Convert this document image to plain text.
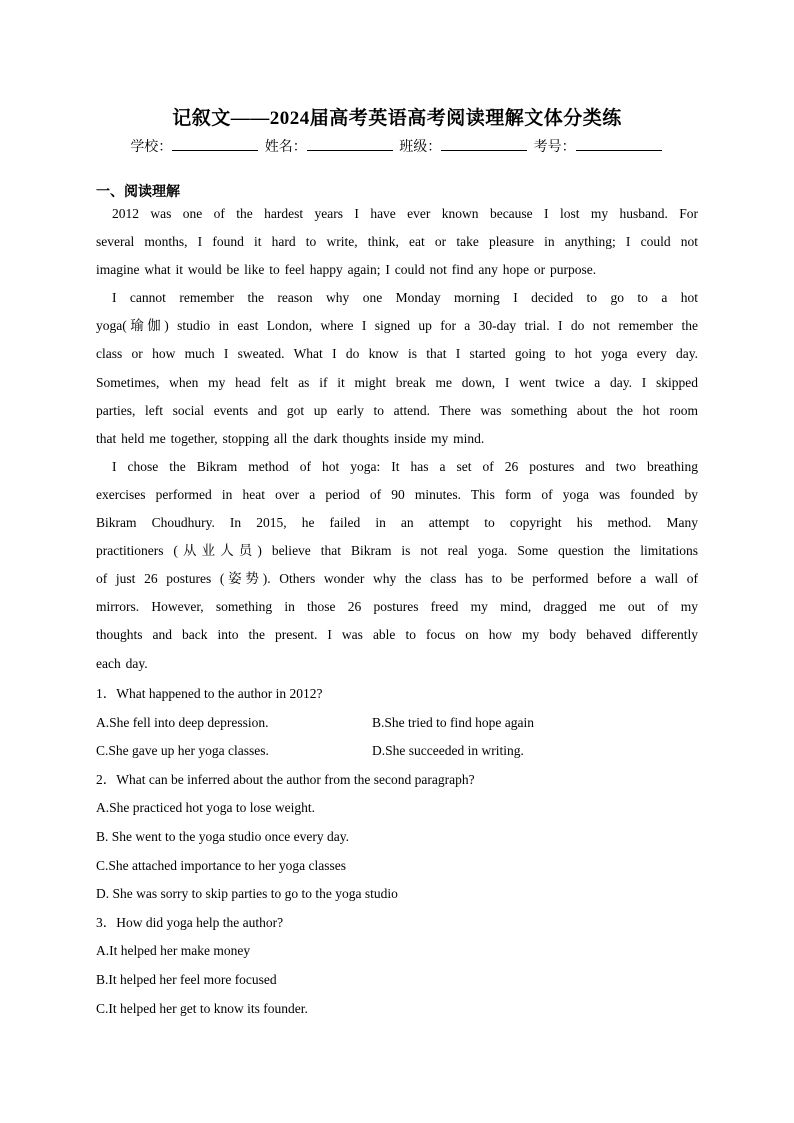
记叙文——2024届高考英语高考阅读理解文体分类练
学校：	姓名：	班级：	考号：
一、阅读理解
2012 was one of the hardest years I have ever known because I lost my husband. For
several months, I found it hard to write, think, eat or take pleasure in anything; I could not
imagine what it would be like to feel happy again; I could not find any hope or purpose.
I cannot remember the reason why one Monday morning I decided to go to a hot
yoga(瑜伽) studio in east London, where I signed up for a 30-day trial. I do not remember the
class or how much I sweated. What I do know is that I started going to hot yoga every day.
Sometimes, when my head felt as if it might break me down, I went twice a day. I skipped
parties, left social events and got up early to attend. There was something about the hot room
that held me together, stopping all the dark thoughts inside my mind.
I chose the Bikram method of hot yoga: It has a set of 26 postures and two breathing
exercises performed in heat over a period of 90 minutes. This form of yoga was founded by
Bikram Choudhury. In 2015, he failed in an attempt to copyright his method. Many
practitioners (从业人员) believe that Bikram is not real yoga. Some question the limitations
of just 26 postures (姿势). Others wonder why the class has to be performed before a wall of
mirrors. However, something in those 26 postures freed my mind, dragged me out of my
thoughts and back into the present. I was able to focus on how my body behaved differently
each day.
1．What happened to the author in 2012?
A.She fell into deep depression.	B.She tried to find hope again
C.She gave up her yoga classes.	D.She succeeded in writing.
2．What can be inferred about the author from the second paragraph?
A.She practiced hot yoga to lose weight.
B. She went to the yoga studio once every day.
C.She attached importance to her yoga classes
D. She was sorry to skip parties to go to the yoga studio
3．How did yoga help the author?
A.It helped her make money
B.It helped her feel more focused
C.It helped her get to know its founder.
